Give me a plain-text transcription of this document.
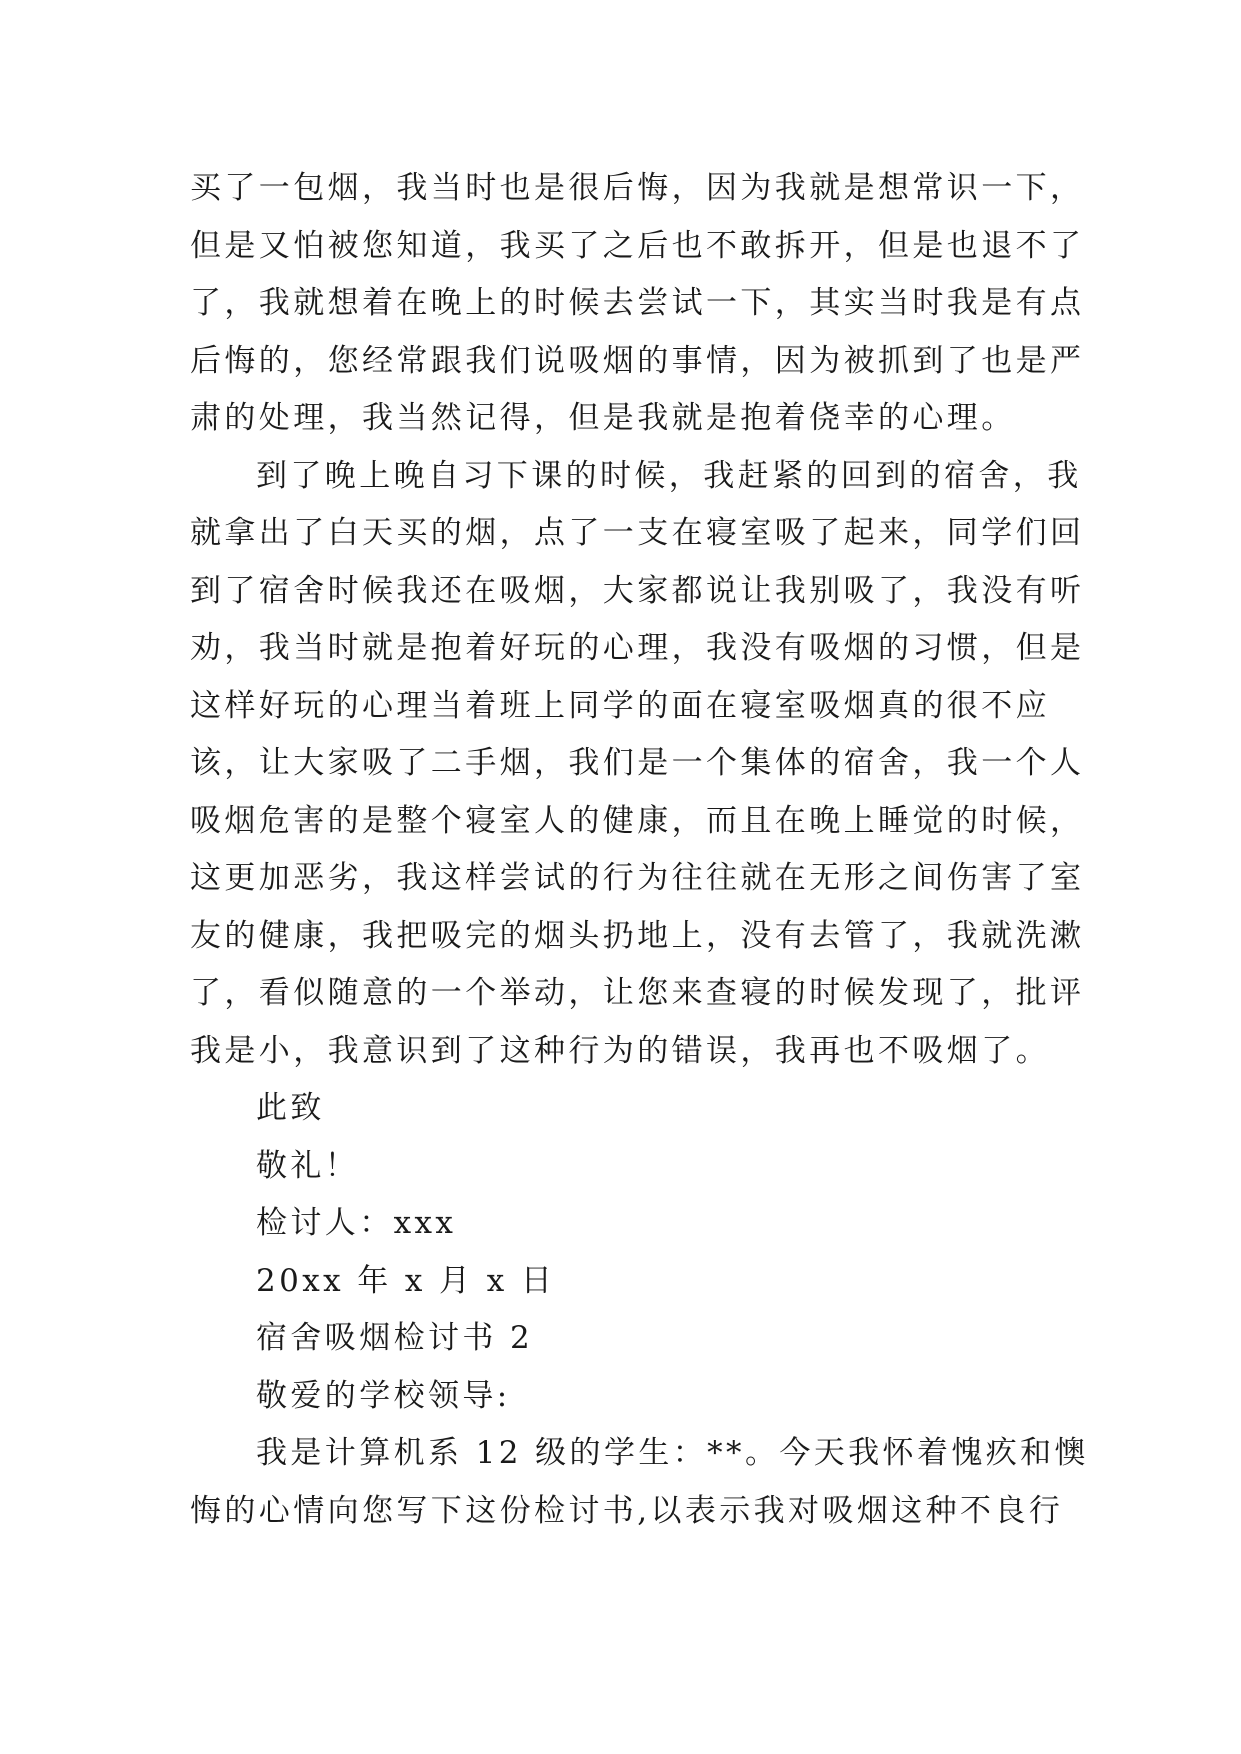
买了一包烟，我当时也是很后悔，因为我就是想常识一下，
但是又怕被您知道，我买了之后也不敢拆开，但是也退不了
了，我就想着在晚上的时候去尝试一下，其实当时我是有点
后悔的，您经常跟我们说吸烟的事情，因为被抓到了也是严
肃的处理，我当然记得，但是我就是抱着侥幸的心理。
到了晚上晚自习下课的时候，我赶紧的回到的宿舍，我
就拿出了白天买的烟，点了一支在寝室吸了起来，同学们回
到了宿舍时候我还在吸烟，大家都说让我别吸了，我没有听
劝，我当时就是抱着好玩的心理，我没有吸烟的习惯，但是
这样好玩的心理当着班上同学的面在寝室吸烟真的很不应
该，让大家吸了二手烟，我们是一个集体的宿舍，我一个人
吸烟危害的是整个寝室人的健康，而且在晚上睡觉的时候，
这更加恶劣，我这样尝试的行为往往就在无形之间伤害了室
友的健康，我把吸完的烟头扔地上，没有去管了，我就洗漱
了，看似随意的一个举动，让您来查寝的时候发现了，批评
我是小，我意识到了这种行为的错误，我再也不吸烟了。
此致
敬礼！
检讨人：xxx
20xx 年 x 月 x 日
宿舍吸烟检讨书 2
敬爱的学校领导:
我是计算机系 12 级的学生：**。今天我怀着愧疚和懊
悔的心情向您写下这份检讨书,以表示我对吸烟这种不良行
